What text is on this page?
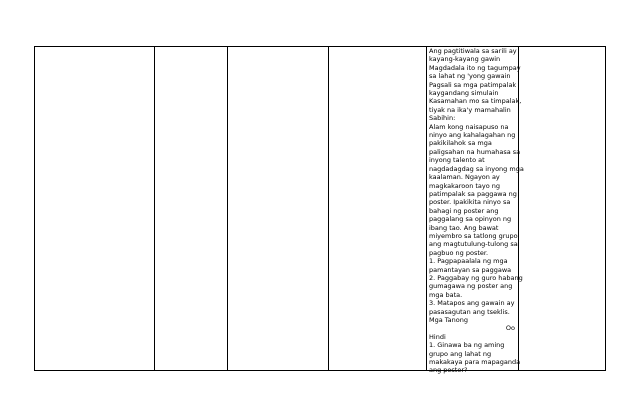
Ang pagtitiwala sa sarili ay
kayang-kayang gawin
Magdadala ito ng tagumpay
sa lahat ng 'yong gawain
Pagsali sa mga patimpalak
kaygandang simulain
Kasamahan mo sa timpalak,
tiyak na ika'y mamahalin
Sabihin:
Alam kong naisapuso na
ninyo ang kahalagahan ng
pakikilahok sa mga
paligsahan na humahasa sa
inyong talento at
nagdadagdag sa inyong mga
kaalaman. Ngayon ay
magkakaroon tayo ng
patimpalak sa paggawa ng
poster. Ipakikita ninyo sa
bahagi ng poster ang
paggalang sa opinyon ng
ibang tao. Ang bawat
miyembro sa tatlong grupo
ang magtutulung-tulong sa
pagbuo ng poster.
1. Pagpapaalala ng mga
pamantayan sa paggawa
2. Paggabay ng guro habang
gumagawa ng poster ang
mga bata.
3. Matapos ang gawain ay
pasasagutan ang tseklis.
Mga Tanong
Oo
Hindi
1. Ginawa ba ng aming
grupo ang lahat ng
makakaya para mapaganda
ang poster?
